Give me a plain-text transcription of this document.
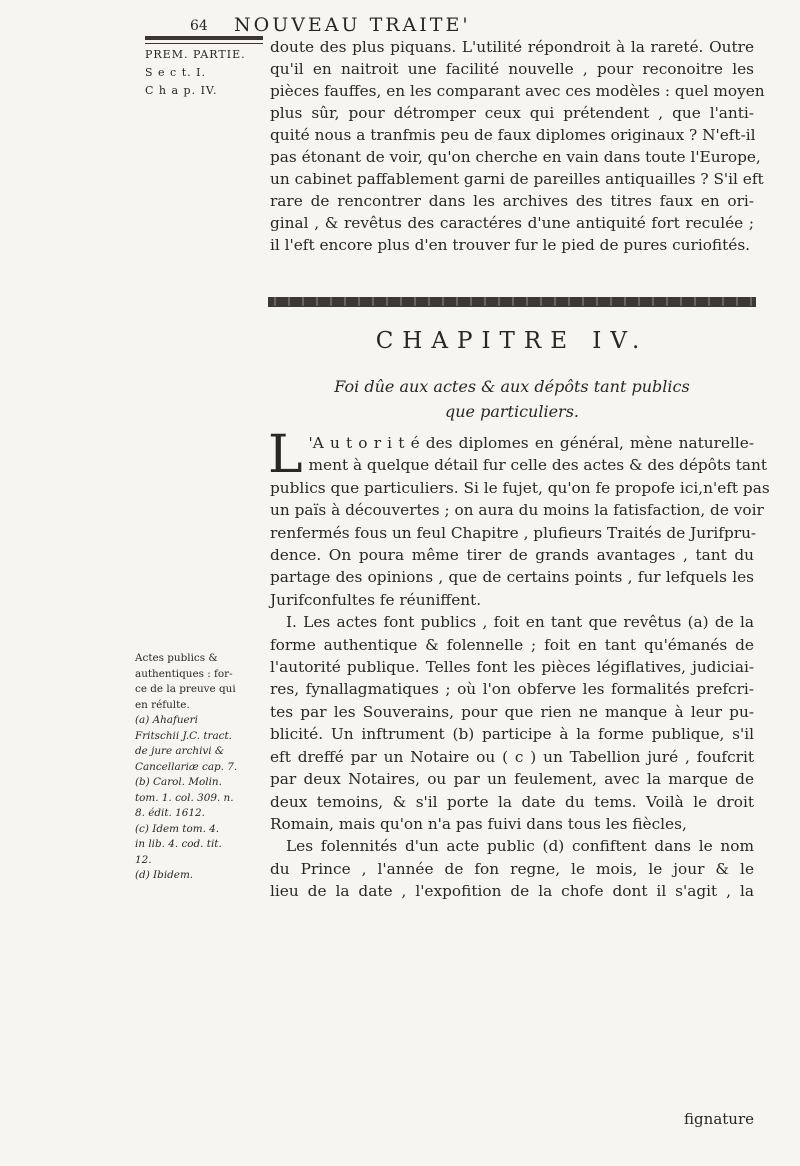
64 NOUVEAU TRAITE'
PREM. PARTIE.
S e c t. I.
C h a p. IV.
doute des plus piquans. L'utilité répondroit à la rareté. Outre
qu'il en naitroit une facilité nouvelle , pour reconoitre les
pièces fauffes, en les comparant avec ces modèles : quel moyen
plus sûr, pour détromper ceux qui prétendent , que l'anti-
quité nous a tranfmis peu de faux diplomes originaux ? N'eft-il
pas étonant de voir, qu'on cherche en vain dans toute l'Europe,
un cabinet paffablement garni de pareilles antiquailles ? S'il eft
rare de rencontrer dans les archives des titres faux en ori-
ginal , & revêtus des caractéres d'une antiquité fort reculée ;
il l'eft encore plus d'en trouver fur le pied de pures curiofités.
CHAPITRE IV.
Foi dûe aux actes & aux dépôts tant publics
que particuliers.
L 'A u t o r i t é des diplomes en général, mène naturelle-
ment à quelque détail fur celle des actes & des dépôts tant
publics que particuliers. Si le fujet, qu'on fe propofe ici,n'eft pas
un païs à découvertes ; on aura du moins la fatisfaction, de voir
renfermés fous un feul Chapitre , plufieurs Traités de Jurifpru-
dence. On poura même tirer de grands avantages , tant du
partage des opinions , que de certains points , fur lefquels les
Jurifconfultes fe réuniffent.
I. Les actes font publics , foit en tant que revêtus (a) de la
forme authentique & folennelle ; foit en tant qu'émanés de
l'autorité publique. Telles font les pièces légiflatives, judiciai-
res, fynallagmatiques ; où l'on obferve les formalités prefcri-
tes par les Souverains, pour que rien ne manque à leur pu-
blicité. Un inftrument (b) participe à la forme publique, s'il
eft dreffé par un Notaire ou ( c ) un Tabellion juré , foufcrit
par deux Notaires, ou par un feulement, avec la marque de
deux temoins, & s'il porte la date du tems. Voilà le droit
Romain, mais qu'on n'a pas fuivi dans tous les fiècles,
Les folennités d'un acte public (d) confiftent dans le nom
du Prince , l'année de fon regne, le mois, le jour & le
lieu de la date , l'expofition de la chofe dont il s'agit , la
fignature
Actes publics &
authentiques : for-
ce de la preuve qui
en réfulte.
(a) Ahafueri
Fritschii J.C. tract.
de jure archivi &
Cancellariæ cap. 7.
(b) Carol. Molin.
tom. 1. col. 309. n.
8. édit. 1612.
(c) Idem tom. 4.
in lib. 4. cod. tit.
12.
(d) Ibidem.
